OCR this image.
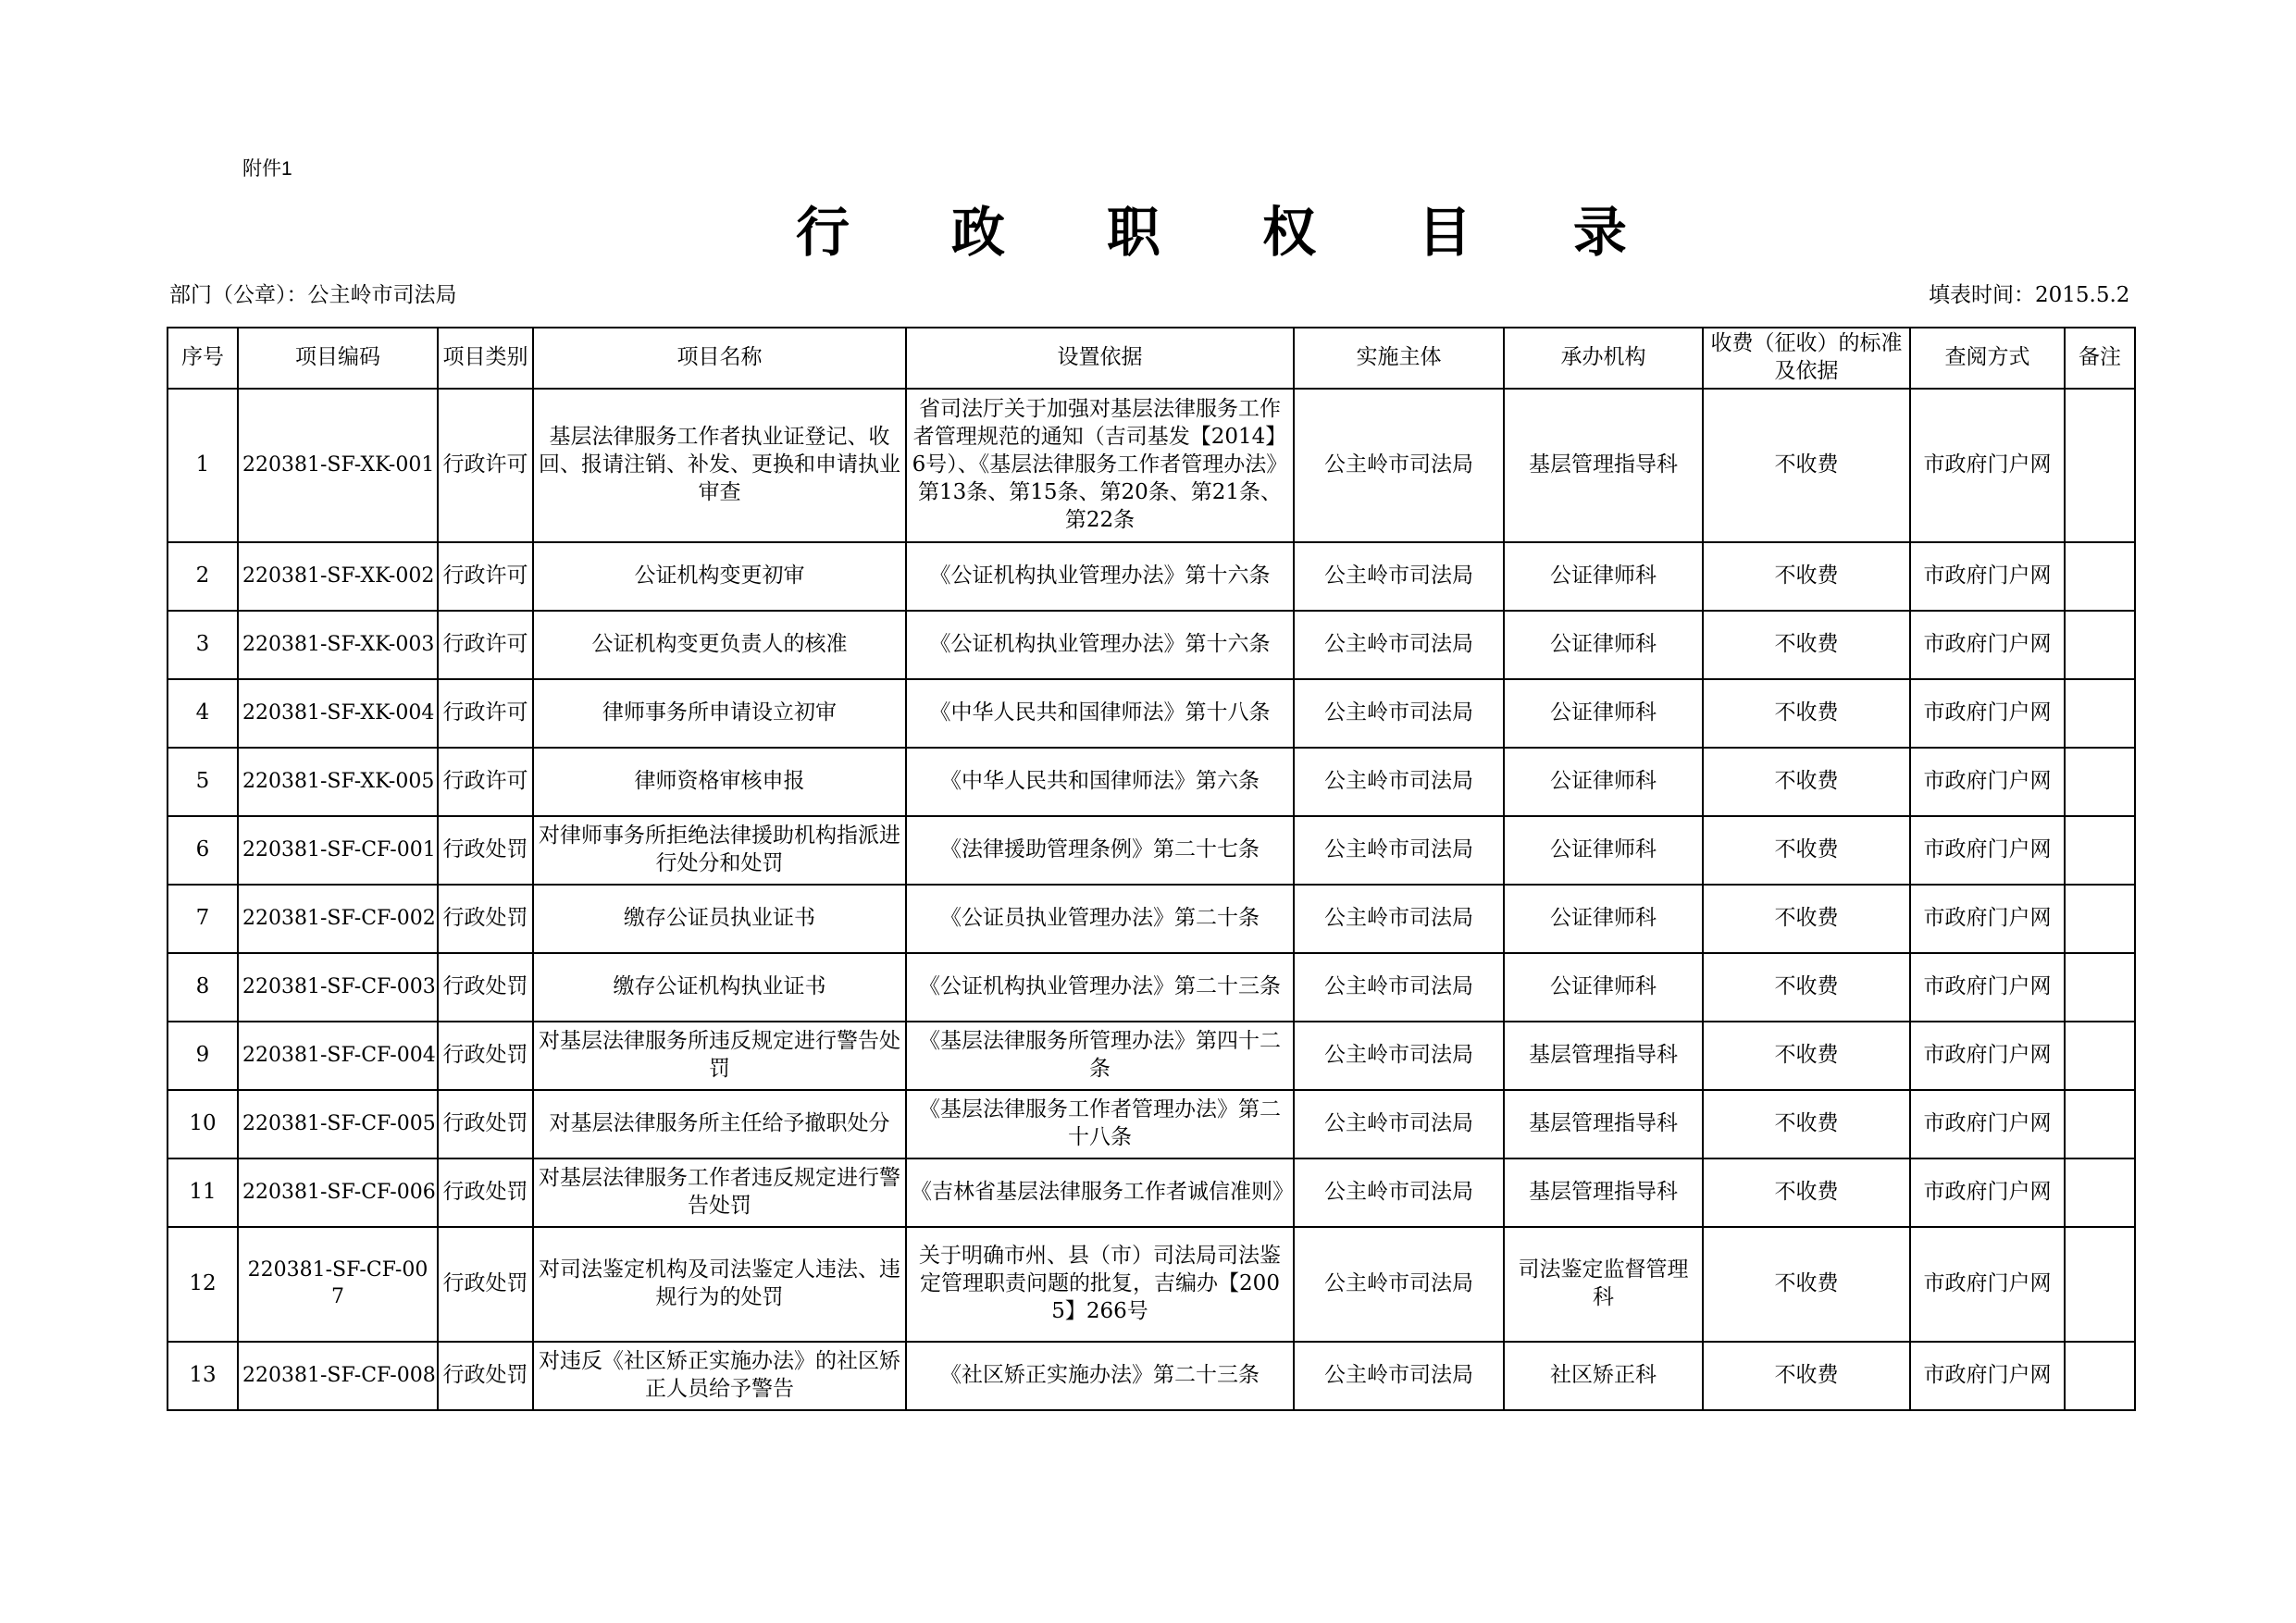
附件1
行 政 职 权 目 录
部门（公章）：公主岭市司法局	填表时间：2015.5.2
序号	项目编码	项目类别	项目名称	设置依据	实施主体	承办机构	收费（征收）的标准及依据	查阅方式	备注
1	220381-SF-XK-001	行政许可	基层法律服务工作者执业证登记、收回、报请注销、补发、更换和申请执业审查	省司法厅关于加强对基层法律服务工作者管理规范的通知（吉司基发【2014】6号）、《基层法律服务工作者管理办法》第13条、第15条、第20条、第21条、第22条	公主岭市司法局	基层管理指导科	不收费	市政府门户网	
2	220381-SF-XK-002	行政许可	公证机构变更初审	《公证机构执业管理办法》第十六条	公主岭市司法局	公证律师科	不收费	市政府门户网	
3	220381-SF-XK-003	行政许可	公证机构变更负责人的核准	《公证机构执业管理办法》第十六条	公主岭市司法局	公证律师科	不收费	市政府门户网	
4	220381-SF-XK-004	行政许可	律师事务所申请设立初审	《中华人民共和国律师法》第十八条	公主岭市司法局	公证律师科	不收费	市政府门户网	
5	220381-SF-XK-005	行政许可	律师资格审核申报	《中华人民共和国律师法》第六条	公主岭市司法局	公证律师科	不收费	市政府门户网	
6	220381-SF-CF-001	行政处罚	对律师事务所拒绝法律援助机构指派进行处分和处罚	《法律援助管理条例》第二十七条	公主岭市司法局	公证律师科	不收费	市政府门户网	
7	220381-SF-CF-002	行政处罚	缴存公证员执业证书	《公证员执业管理办法》第二十条	公主岭市司法局	公证律师科	不收费	市政府门户网	
8	220381-SF-CF-003	行政处罚	缴存公证机构执业证书	《公证机构执业管理办法》第二十三条	公主岭市司法局	公证律师科	不收费	市政府门户网	
9	220381-SF-CF-004	行政处罚	对基层法律服务所违反规定进行警告处罚	《基层法律服务所管理办法》第四十二条	公主岭市司法局	基层管理指导科	不收费	市政府门户网	
10	220381-SF-CF-005	行政处罚	对基层法律服务所主任给予撤职处分	《基层法律服务工作者管理办法》第二十八条	公主岭市司法局	基层管理指导科	不收费	市政府门户网	
11	220381-SF-CF-006	行政处罚	对基层法律服务工作者违反规定进行警告处罚	《吉林省基层法律服务工作者诚信准则》	公主岭市司法局	基层管理指导科	不收费	市政府门户网	
12	220381-SF-CF-007	行政处罚	对司法鉴定机构及司法鉴定人违法、违规行为的处罚	关于明确市州、县（市）司法局司法鉴定管理职责问题的批复，吉编办【2005】266号	公主岭市司法局	司法鉴定监督管理科	不收费	市政府门户网	
13	220381-SF-CF-008	行政处罚	对违反《社区矫正实施办法》的社区矫正人员给予警告	《社区矫正实施办法》第二十三条	公主岭市司法局	社区矫正科	不收费	市政府门户网	
